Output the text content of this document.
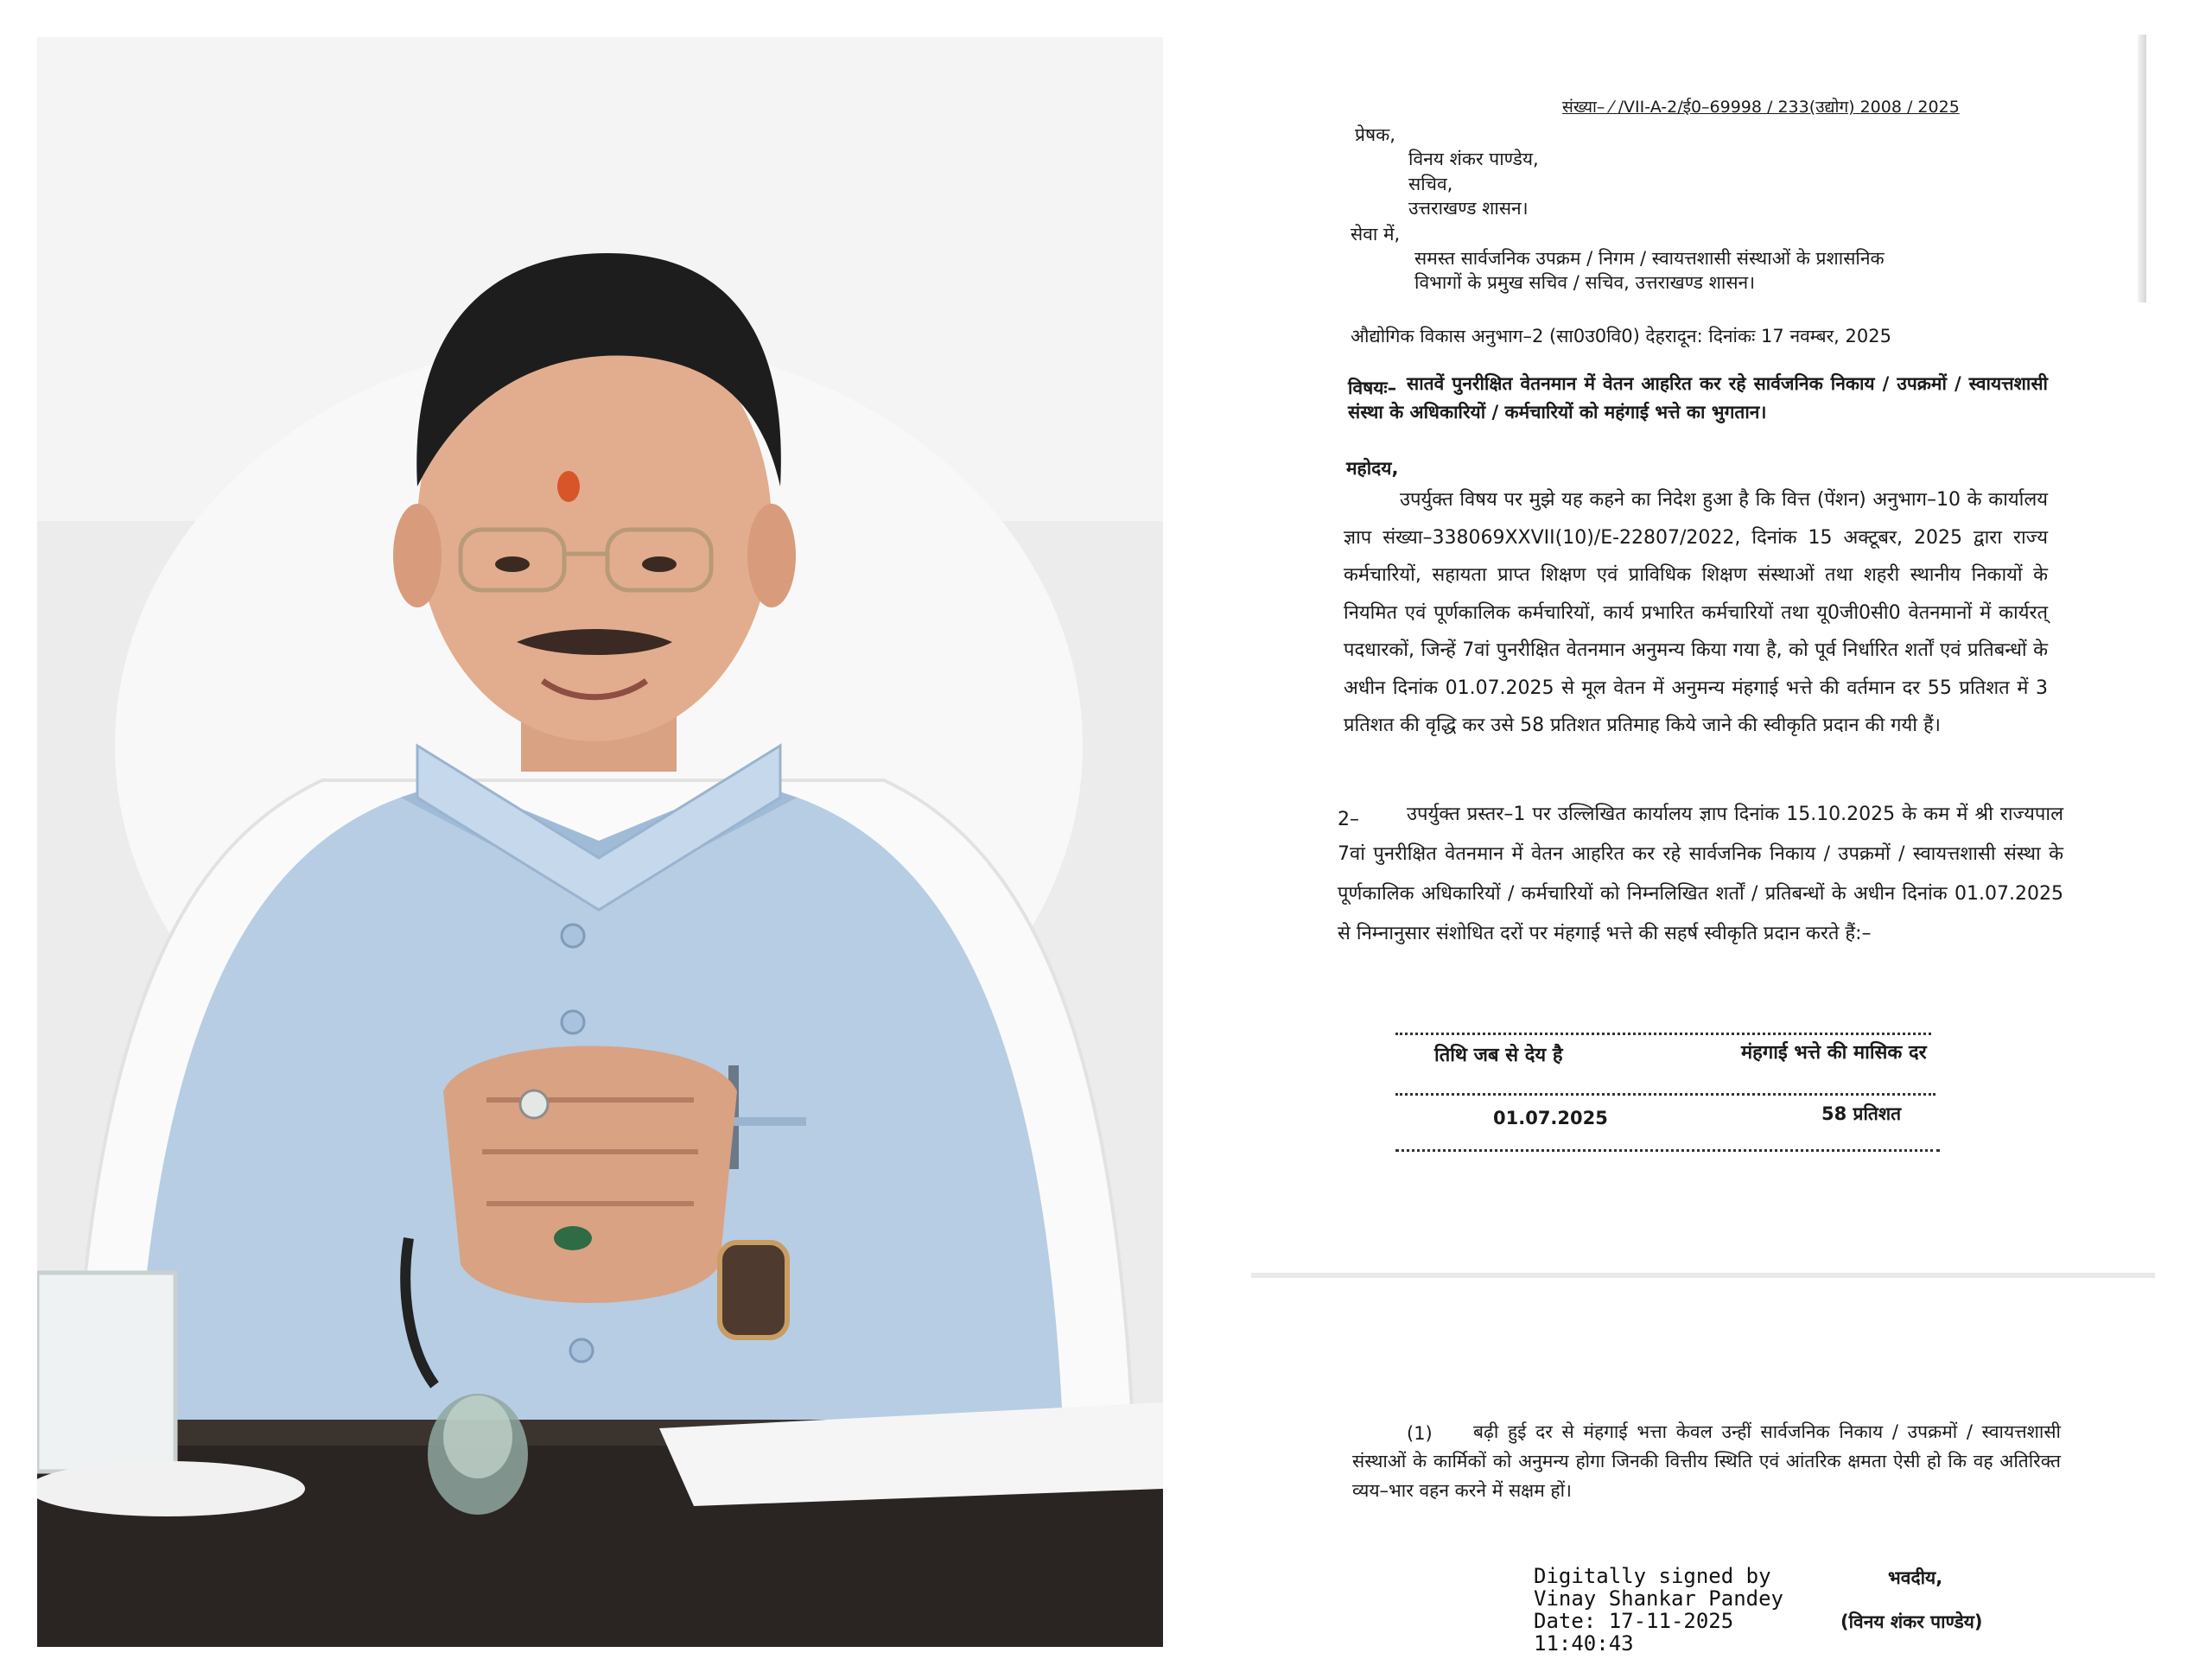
संख्या– ⁄ /VII-A-2/ई0–69998 / 233(उद्योग) 2008 / 2025
प्रेषक,
विनय शंकर पाण्डेय,
सचिव,
उत्तराखण्ड शासन।
सेवा में,
समस्त सार्वजनिक उपक्रम / निगम / स्वायत्तशासी संस्थाओं के प्रशासनिक
विभागों के प्रमुख सचिव / सचिव, उत्तराखण्ड शासन।
औद्योगिक विकास अनुभाग–2 (सा0उ0वि0) देहरादून: दिनांकः 17 नवम्बर, 2025
विषयः– सातवें पुनरीक्षित वेतनमान में वेतन आहरित कर रहे सार्वजनिक निकाय / उपक्रमों / स्वायत्तशासी संस्था के अधिकारियों / कर्मचारियों को महंगाई भत्ते का भुगतान।
महोदय,
उपर्युक्त विषय पर मुझे यह कहने का निदेश हुआ है कि वित्त (पेंशन) अनुभाग–10 के कार्यालय ज्ञाप संख्या–338069XXVII(10)/E-22807/2022, दिनांक 15 अक्टूबर, 2025 द्वारा राज्य कर्मचारियों, सहायता प्राप्त शिक्षण एवं प्राविधिक शिक्षण संस्थाओं तथा शहरी स्थानीय निकायों के नियमित एवं पूर्णकालिक कर्मचारियों, कार्य प्रभारित कर्मचारियों तथा यू0जी0सी0 वेतनमानों में कार्यरत् पदधारकों, जिन्हें 7वां पुनरीक्षित वेतनमान अनुमन्य किया गया है, को पूर्व निर्धारित शर्तों एवं प्रतिबन्धों के अधीन दिनांक 01.07.2025 से मूल वेतन में अनुमन्य मंहगाई भत्ते की वर्तमान दर 55 प्रतिशत में 3 प्रतिशत की वृद्धि कर उसे 58 प्रतिशत प्रतिमाह किये जाने की स्वीकृति प्रदान की गयी हैं।
2–	उपर्युक्त प्रस्तर–1 पर उल्लिखित कार्यालय ज्ञाप दिनांक 15.10.2025 के कम में श्री राज्यपाल 7वां पुनरीक्षित वेतनमान में वेतन आहरित कर रहे सार्वजनिक निकाय / उपक्रमों / स्वायत्तशासी संस्था के पूर्णकालिक अधिकारियों / कर्मचारियों को निम्नलिखित शर्तों / प्रतिबन्धों के अधीन दिनांक 01.07.2025 से निम्नानुसार संशोधित दरों पर मंहगाई भत्ते की सहर्ष स्वीकृति प्रदान करते हैं:–
तिथि जब से देय है	मंहगाई भत्ते की मासिक दर
01.07.2025	58 प्रतिशत
(1)	बढ़ी हुई दर से मंहगाई भत्ता केवल उन्हीं सार्वजनिक निकाय / उपक्रमों / स्वायत्तशासी संस्थाओं के कार्मिकों को अनुमन्य होगा जिनकी वित्तीय स्थिति एवं आंतरिक क्षमता ऐसी हो कि वह अतिरिक्त व्यय–भार वहन करने में सक्षम हों।
Digitally signed by
Vinay Shankar Pandey
Date: 17-11-2025
11:40:43
भवदीय,
(विनय शंकर पाण्डेय)
